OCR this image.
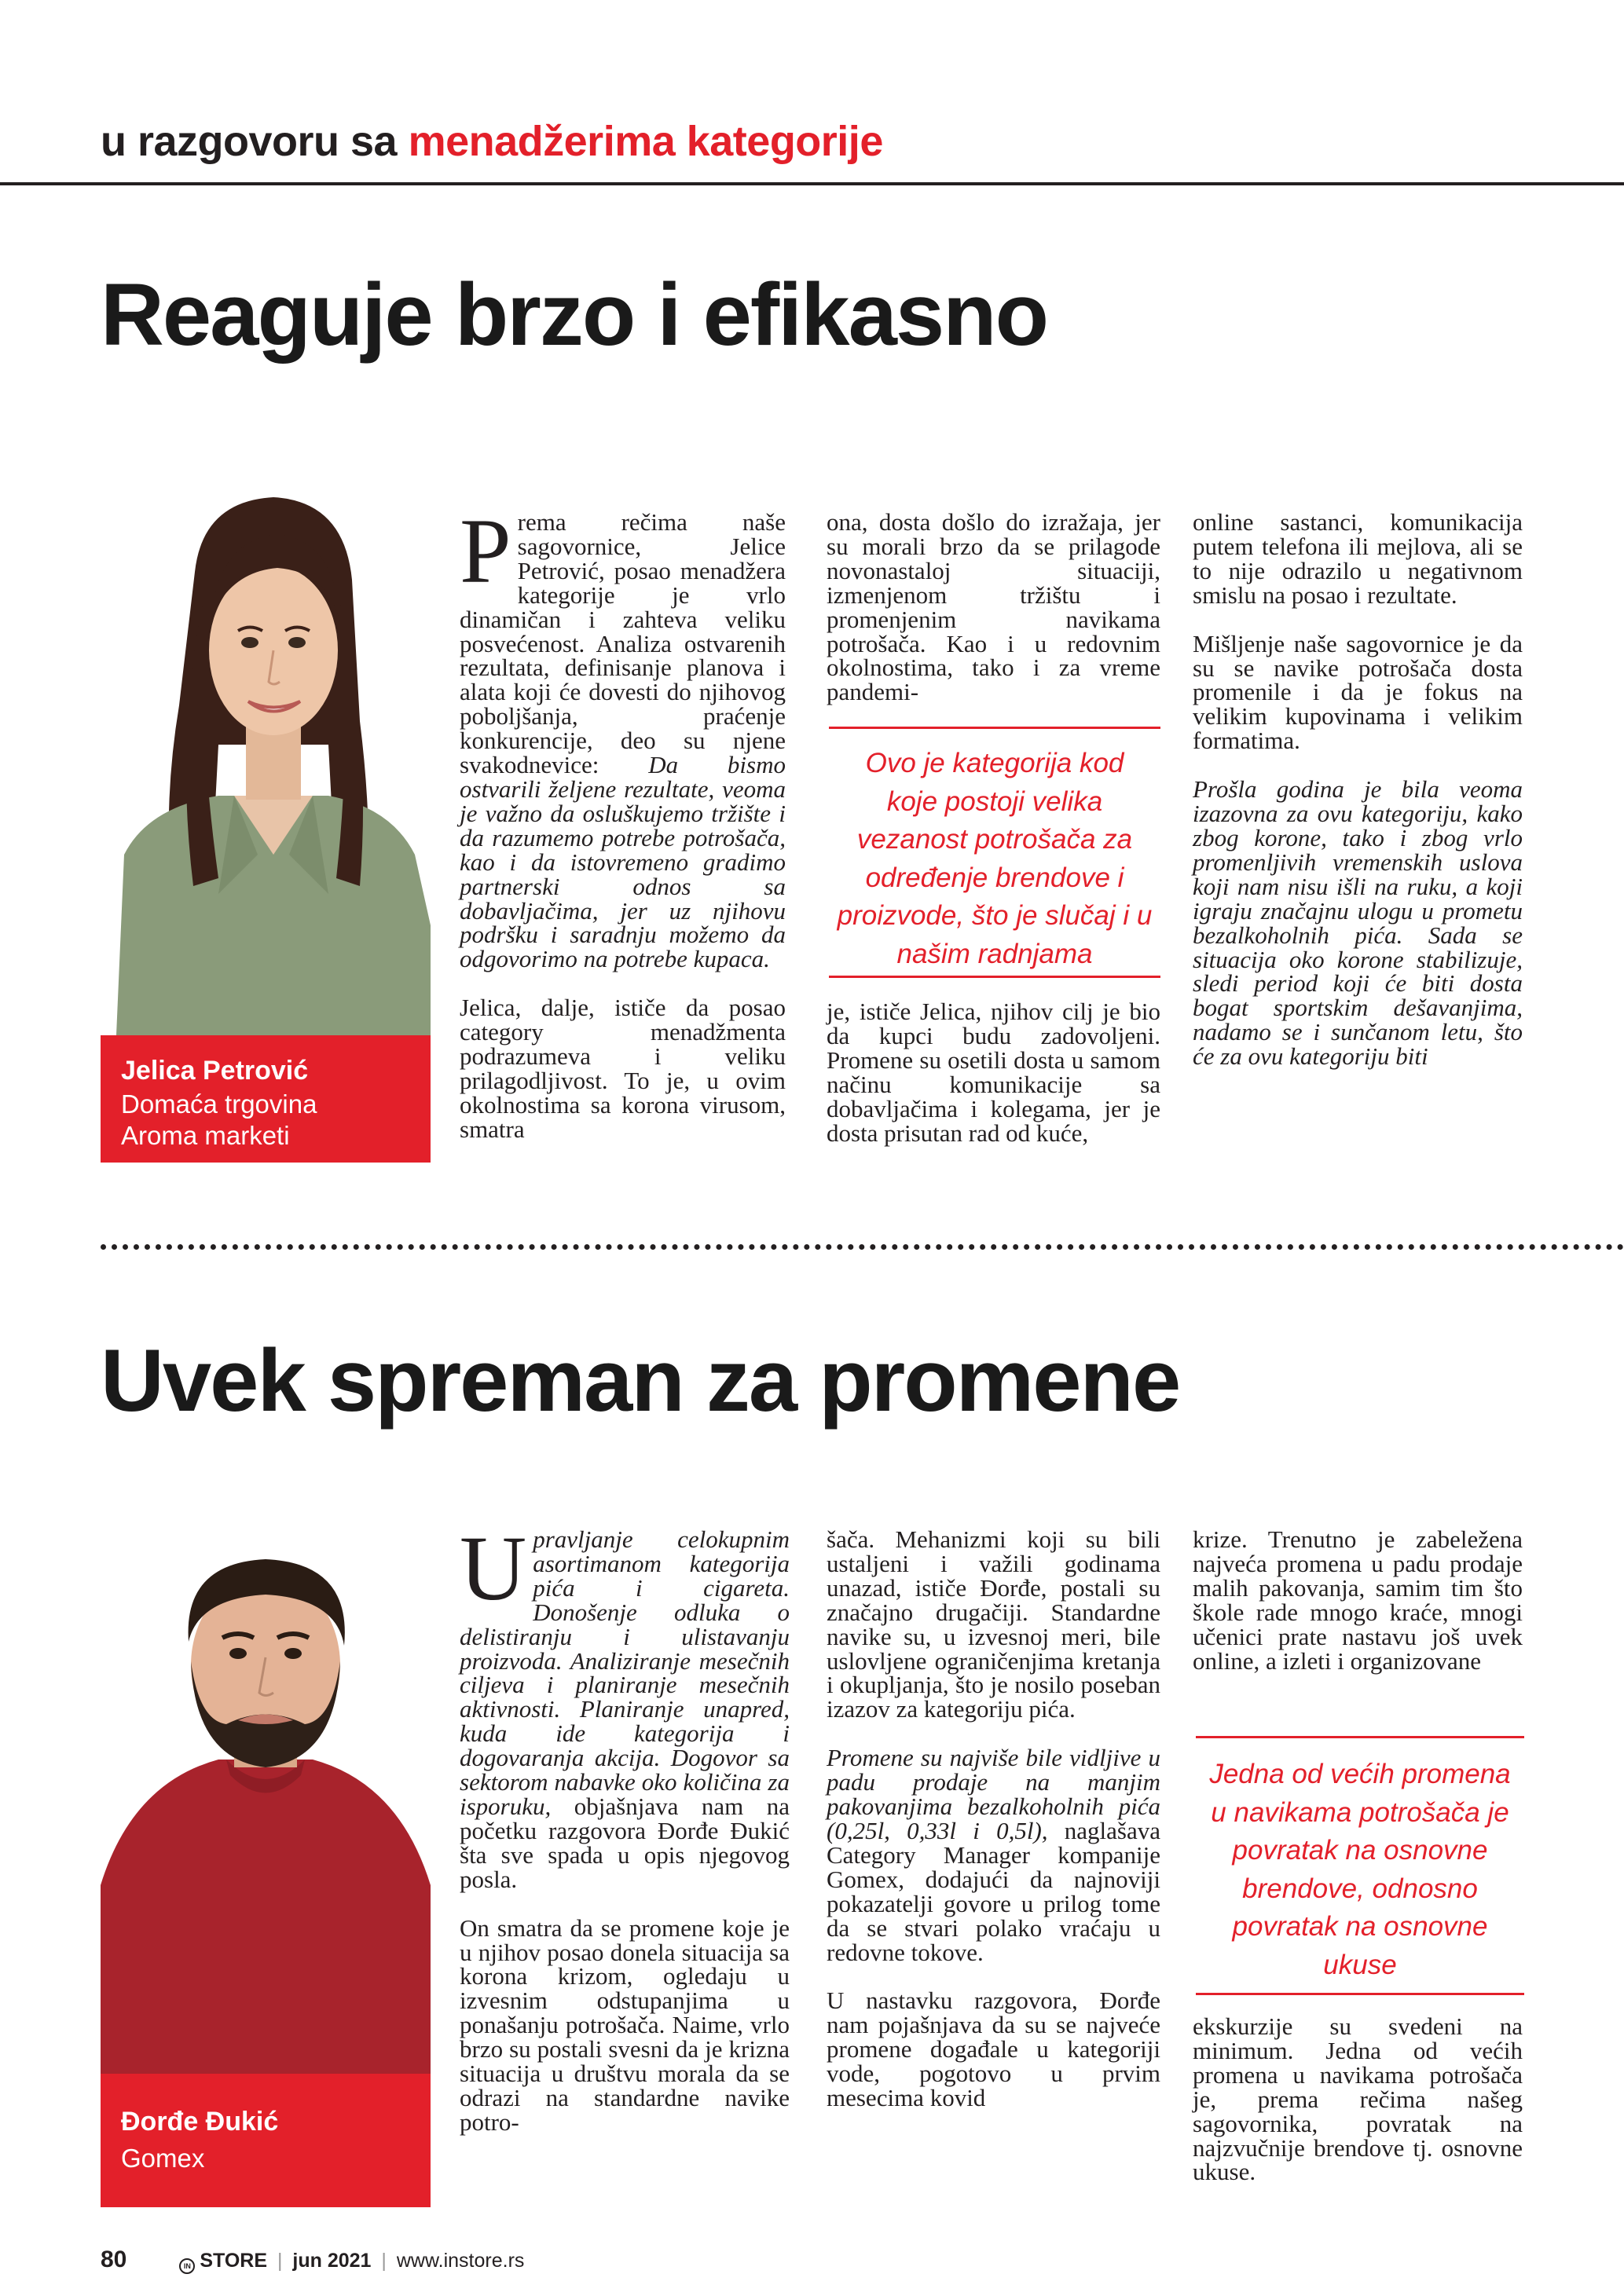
u razgovoru sa menadžerima kategorije
Reaguje brzo i efikasno
Jelica Petrović
Domaća trgovina
Aroma marketi

Prema rečima naše sagovornice, Jelice Petrović, posao menadžera kategorije je vrlo dinamičan i zahteva veliku posvećenost. Analiza ostvarenih rezultata, definisanje planova i alata koji će dovesti do njihovog poboljšanja, praćenje konkurencije, deo su njene svakodnevice: Da bismo ostvarili željene rezultate, veoma je važno da osluškujemo tržište i da razumemo potrebe potrošača, kao i da istovremeno gradimo partnerski odnos sa dobavljačima, jer uz njihovu podršku i saradnju možemo da odgovorimo na potrebe kupaca.

Jelica, dalje, ističe da posao category menadžmenta podrazumeva i veliku prilagodljivost. To je, u ovim okolnostima sa korona virusom, smatra

ona, dosta došlo do izražaja, jer su morali brzo da se prilagode novonastaloj situaciji, izmenjenom tržištu i promenjenim navikama potrošača. Kao i u redovnim okolnostima, tako i za vreme pandemi-
Ovo je kategorija kod koje postoji velika vezanost potrošača za određenje brendove i proizvode, što je slučaj i u našim radnjama
je, ističe Jelica, njihov cilj je bio da kupci budu zadovoljeni. Promene su osetili dosta u samom načinu komunikacije sa dobavljačima i kolegama, jer je dosta prisutan rad od kuće,

online sastanci, komunikacija putem telefona ili mejlova, ali se to nije odrazilo u negativnom smislu na posao i rezultate.

Mišljenje naše sagovornice je da su se navike potrošača dosta promenile i da je fokus na velikim kupovinama i velikim formatima.

Prošla godina je bila veoma izazovna za ovu kategoriju, kako zbog korone, tako i zbog vrlo promenljivih vremenskih uslova koji nam nisu išli na ruku, a koji igraju značajnu ulogu u prometu bezalkoholnih pića. Sada se situacija oko korone stabilizuje, sledi period koji će biti dosta bogat sportskim dešavanjima, nadamo se i sunčanom letu, što će za ovu kategoriju biti

Uvek spreman za promene
Đorđe Đukić
Gomex

Upravljanje celokupnim asortimanom kategorija pića i cigareta. Donošenje odluka o delistiranju i ulistavanju proizvoda. Analiziranje mesečnih ciljeva i planiranje mesečnih aktivnosti. Planiranje unapred, kuda ide kategorija i dogovaranja akcija. Dogovor sa sektorom nabavke oko količina za isporuku, objašnjava nam na početku razgovora Đorđe Đukić šta sve spada u opis njegovog posla.

On smatra da se promene koje je u njihov posao donela situacija sa korona krizom, ogledaju u izvesnim odstupanjima u ponašanju potrošača. Naime, vrlo brzo su postali svesni da je krizna situacija u društvu morala da se odrazi na standardne navike potro-

šača. Mehanizmi koji su bili ustaljeni i važili godinama unazad, ističe Đorđe, postali su značajno drugačiji. Standardne navike su, u izvesnoj meri, bile uslovljene ograničenjima kretanja i okupljanja, što je nosilo poseban izazov za kategoriju pića.

Promene su najviše bile vidljive u padu prodaje na manjim pakovanjima bezalkoholnih pića (0,25l, 0,33l i 0,5l), naglašava Category Manager kompanije Gomex, dodajući da najnoviji pokazatelji govore u prilog tome da se stvari polako vraćaju u redovne tokove.

U nastavku razgovora, Đorđe nam pojašnjava da su se najveće promene događale u kategoriji vode, pogotovo u prvim mesecima kovid

krize. Trenutno je zabeležena najveća promena u padu prodaje malih pakovanja, samim tim što škole rade mnogo kraće, mnogi učenici prate nastavu još uvek online, a izleti i organizovane
Jedna od većih promena u navikama potrošača je povratak na osnovne brendove, odnosno povratak na osnovne ukuse
ekskurzije su svedeni na minimum. Jedna od većih promena u navikama potrošača je, prema rečima našeg sagovornika, povratak na najzvučnije brendove tj. osnovne ukuse.
80	IN STORE | jun 2021 | www.instore.rs
